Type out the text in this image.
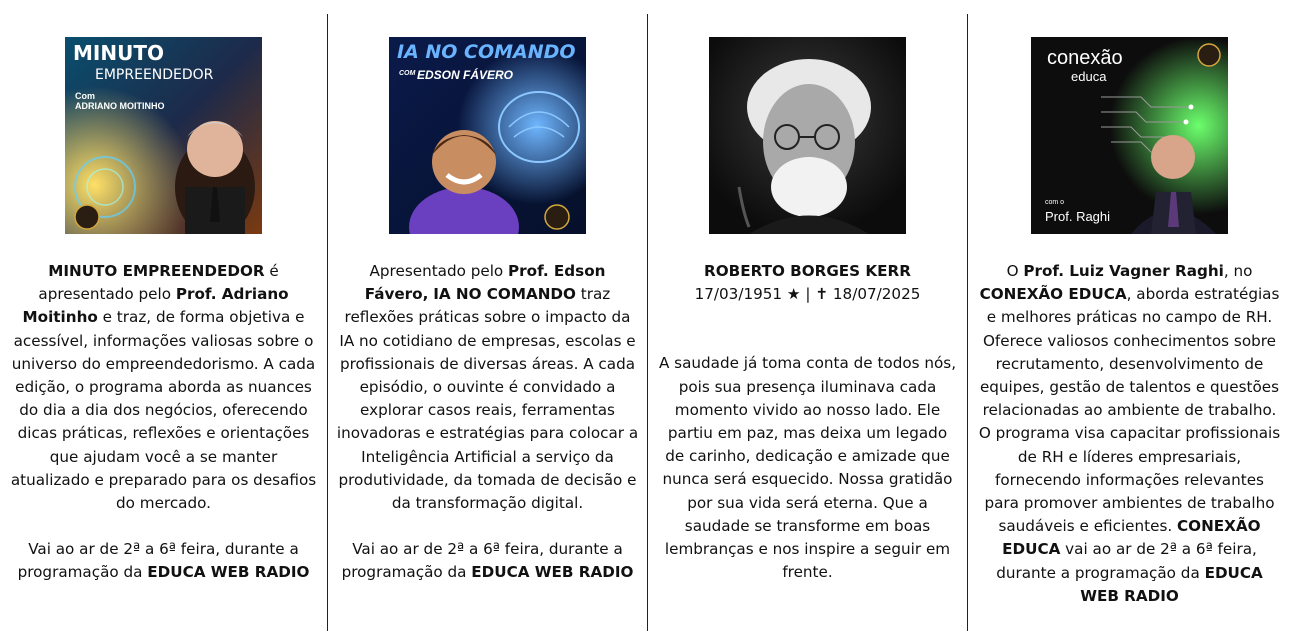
MINUTO
EMPREENDEDOR
Com
ADRIANO MOITINHO

MINUTO EMPREENDEDOR é apresentado pelo Prof. Adriano Moitinho e traz, de forma objetiva e acessível, informações valiosas sobre o universo do empreendedorismo. A cada edição, o programa aborda as nuances do dia a dia dos negócios, oferecendo dicas práticas, reflexões e orientações que ajudam você a se manter atualizado e preparado para os desafios do mercado.

Vai ao ar de 2ª a 6ª feira, durante a programação da EDUCA WEB RADIO

IA NO COMANDO
COM EDSON FÁVERO

Apresentado pelo Prof. Edson Fávero, IA NO COMANDO traz reflexões práticas sobre o impacto da IA no cotidiano de empresas, escolas e profissionais de diversas áreas. A cada episódio, o ouvinte é convidado a explorar casos reais, ferramentas inovadoras e estratégias para colocar a Inteligência Artificial a serviço da produtividade, da tomada de decisão e da transformação digital.

Vai ao ar de 2ª a 6ª feira, durante a programação da EDUCA WEB RADIO

ROBERTO BORGES KERR

17/03/1951 ★ | ✝ 18/07/2025

A saudade já toma conta de todos nós, pois sua presença iluminava cada momento vivido ao nosso lado. Ele partiu em paz, mas deixa um legado de carinho, dedicação e amizade que nunca será esquecido. Nossa gratidão por sua vida será eterna. Que a saudade se transforme em boas lembranças e nos inspire a seguir em frente.

conexão
educa
com o
Prof. Raghi

O Prof. Luiz Vagner Raghi, no CONEXÃO EDUCA, aborda estratégias e melhores práticas no campo de RH. Oferece valiosos conhecimentos sobre recrutamento, desenvolvimento de equipes, gestão de talentos e questões relacionadas ao ambiente de trabalho. O programa visa capacitar profissionais de RH e líderes empresariais, fornecendo informações relevantes para promover ambientes de trabalho saudáveis e eficientes. CONEXÃO EDUCA vai ao ar de 2ª a 6ª feira, durante a programação da EDUCA WEB RADIO
